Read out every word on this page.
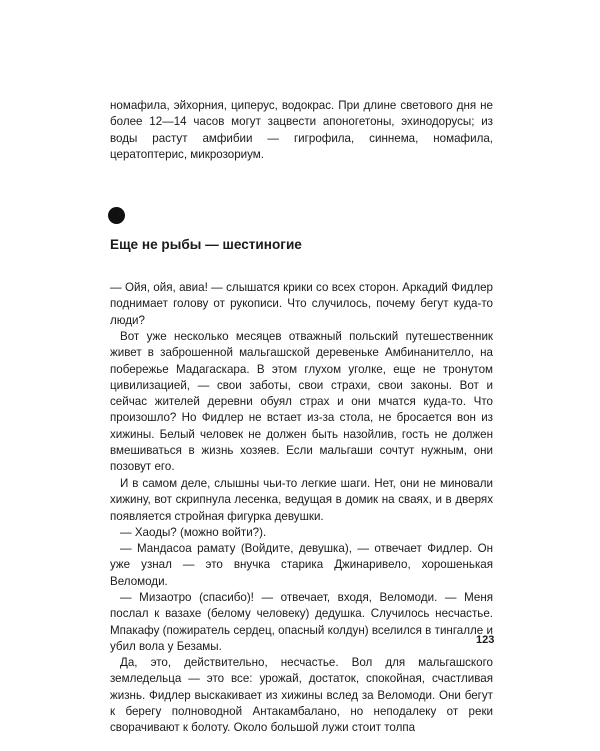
номафила, эйхорния, циперус, водокрас. При длине светового дня не более 12—14 часов могут зацвести апоногетоны, эхинодорусы; из воды растут амфибии — гигрофила, синнема, номафила, цератоптерис, микрозориум.

Еще не рыбы — шестиногие

— Ойя, ойя, авиа! — слышатся крики со всех сторон. Аркадий Фидлер поднимает голову от рукописи. Что случилось, почему бегут куда-то люди?

Вот уже несколько месяцев отважный польский путешественник живет в заброшенной мальгашской деревеньке Амбинанителло, на побережье Мадагаскара. В этом глухом уголке, еще не тронутом цивилизацией, — свои заботы, свои страхи, свои законы. Вот и сейчас жителей деревни обуял страх и они мчатся куда-то. Что произошло? Но Фидлер не встает из-за стола, не бросается вон из хижины. Белый человек не должен быть назойлив, гость не должен вмешиваться в жизнь хозяев. Если мальгаши сочтут нужным, они позовут его.

И в самом деле, слышны чьи-то легкие шаги. Нет, они не миновали хижину, вот скрипнула лесенка, ведущая в домик на сваях, и в дверях появляется стройная фигурка девушки.

— Хаоды? (можно войти?).

— Мандасоа рамату (Войдите, девушка), — отвечает Фидлер. Он уже узнал — это внучка старика Джинаривело, хорошенькая Веломоди.

— Мизаотро (спасибо)! — отвечает, входя, Веломоди. — Меня послал к вазахе (белому человеку) дедушка. Случилось несчастье. Мпакафу (пожиратель сердец, опасный колдун) вселился в тингалле и убил вола у Безамы.

Да, это, действительно, несчастье. Вол для мальгашского земледельца — это все: урожай, достаток, спокойная, счастливая жизнь. Фидлер выскакивает из хижины вслед за Веломоди. Они бегут к берегу полноводной Антакамбалано, но неподалеку от реки сворачивают к болоту. Около большой лужи стоит толпа

123
